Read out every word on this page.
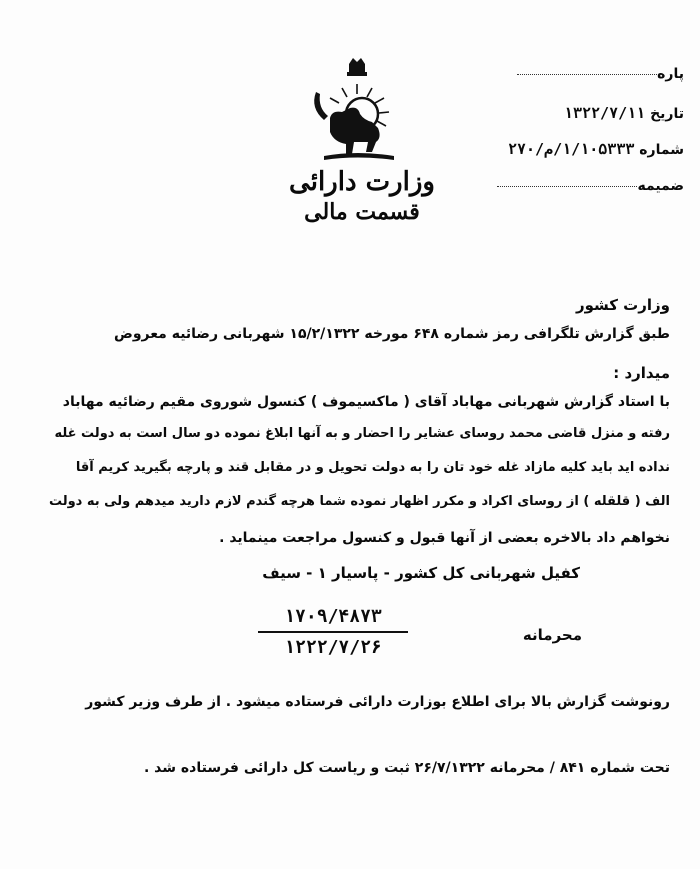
وزارت دارائی
قسمت مالی
پاره
تاریخ ۱۳۲۲/۷/۱۱
شماره ۱/۱۰۵۳۳۳/م/۲۷۰
ضمیمه
وزارت کشور
طبق گزارش تلگرافی رمز شماره ۶۴۸ مورخه ۱۵/۲/۱۳۲۲ شهربانی رضائیه معروض
میدارد :
با استاد گزارش شهربانی مهاباد آقای ( ماکسیموف ) کنسول شوروی مقیم رضائیه مهاباد
رفته و منزل قاضی محمد روسای عشایر را احضار و به آنها ابلاغ نموده دو سال است به دولت غله
نداده اید باید کلیه مازاد غله خود تان را به دولت تحویل و در مقابل قند و پارچه بگیرید کریم آقا
الف ( قلقله ) از روسای اکراد و مکرر اظهار نموده شما هرچه گندم لازم دارید میدهم ولی به دولت
نخواهم داد بالاخره بعضی از آنها قبول و کنسول مراجعت مینماید .
کفیل شهربانی کل کشور - پاسیار ۱ - سیف
۱۷۰۹/۴۸۷۳
۱۲۲۲/۷/۲۶
محرمانه
رونوشت گزارش بالا برای اطلاع بوزارت دارائی فرستاده میشود . از طرف وزیر کشور
تحت شماره ۸۴۱ / محرمانه ۲۶/۷/۱۳۲۲ ثبت و ریاست کل دارائی فرستاده شد .
